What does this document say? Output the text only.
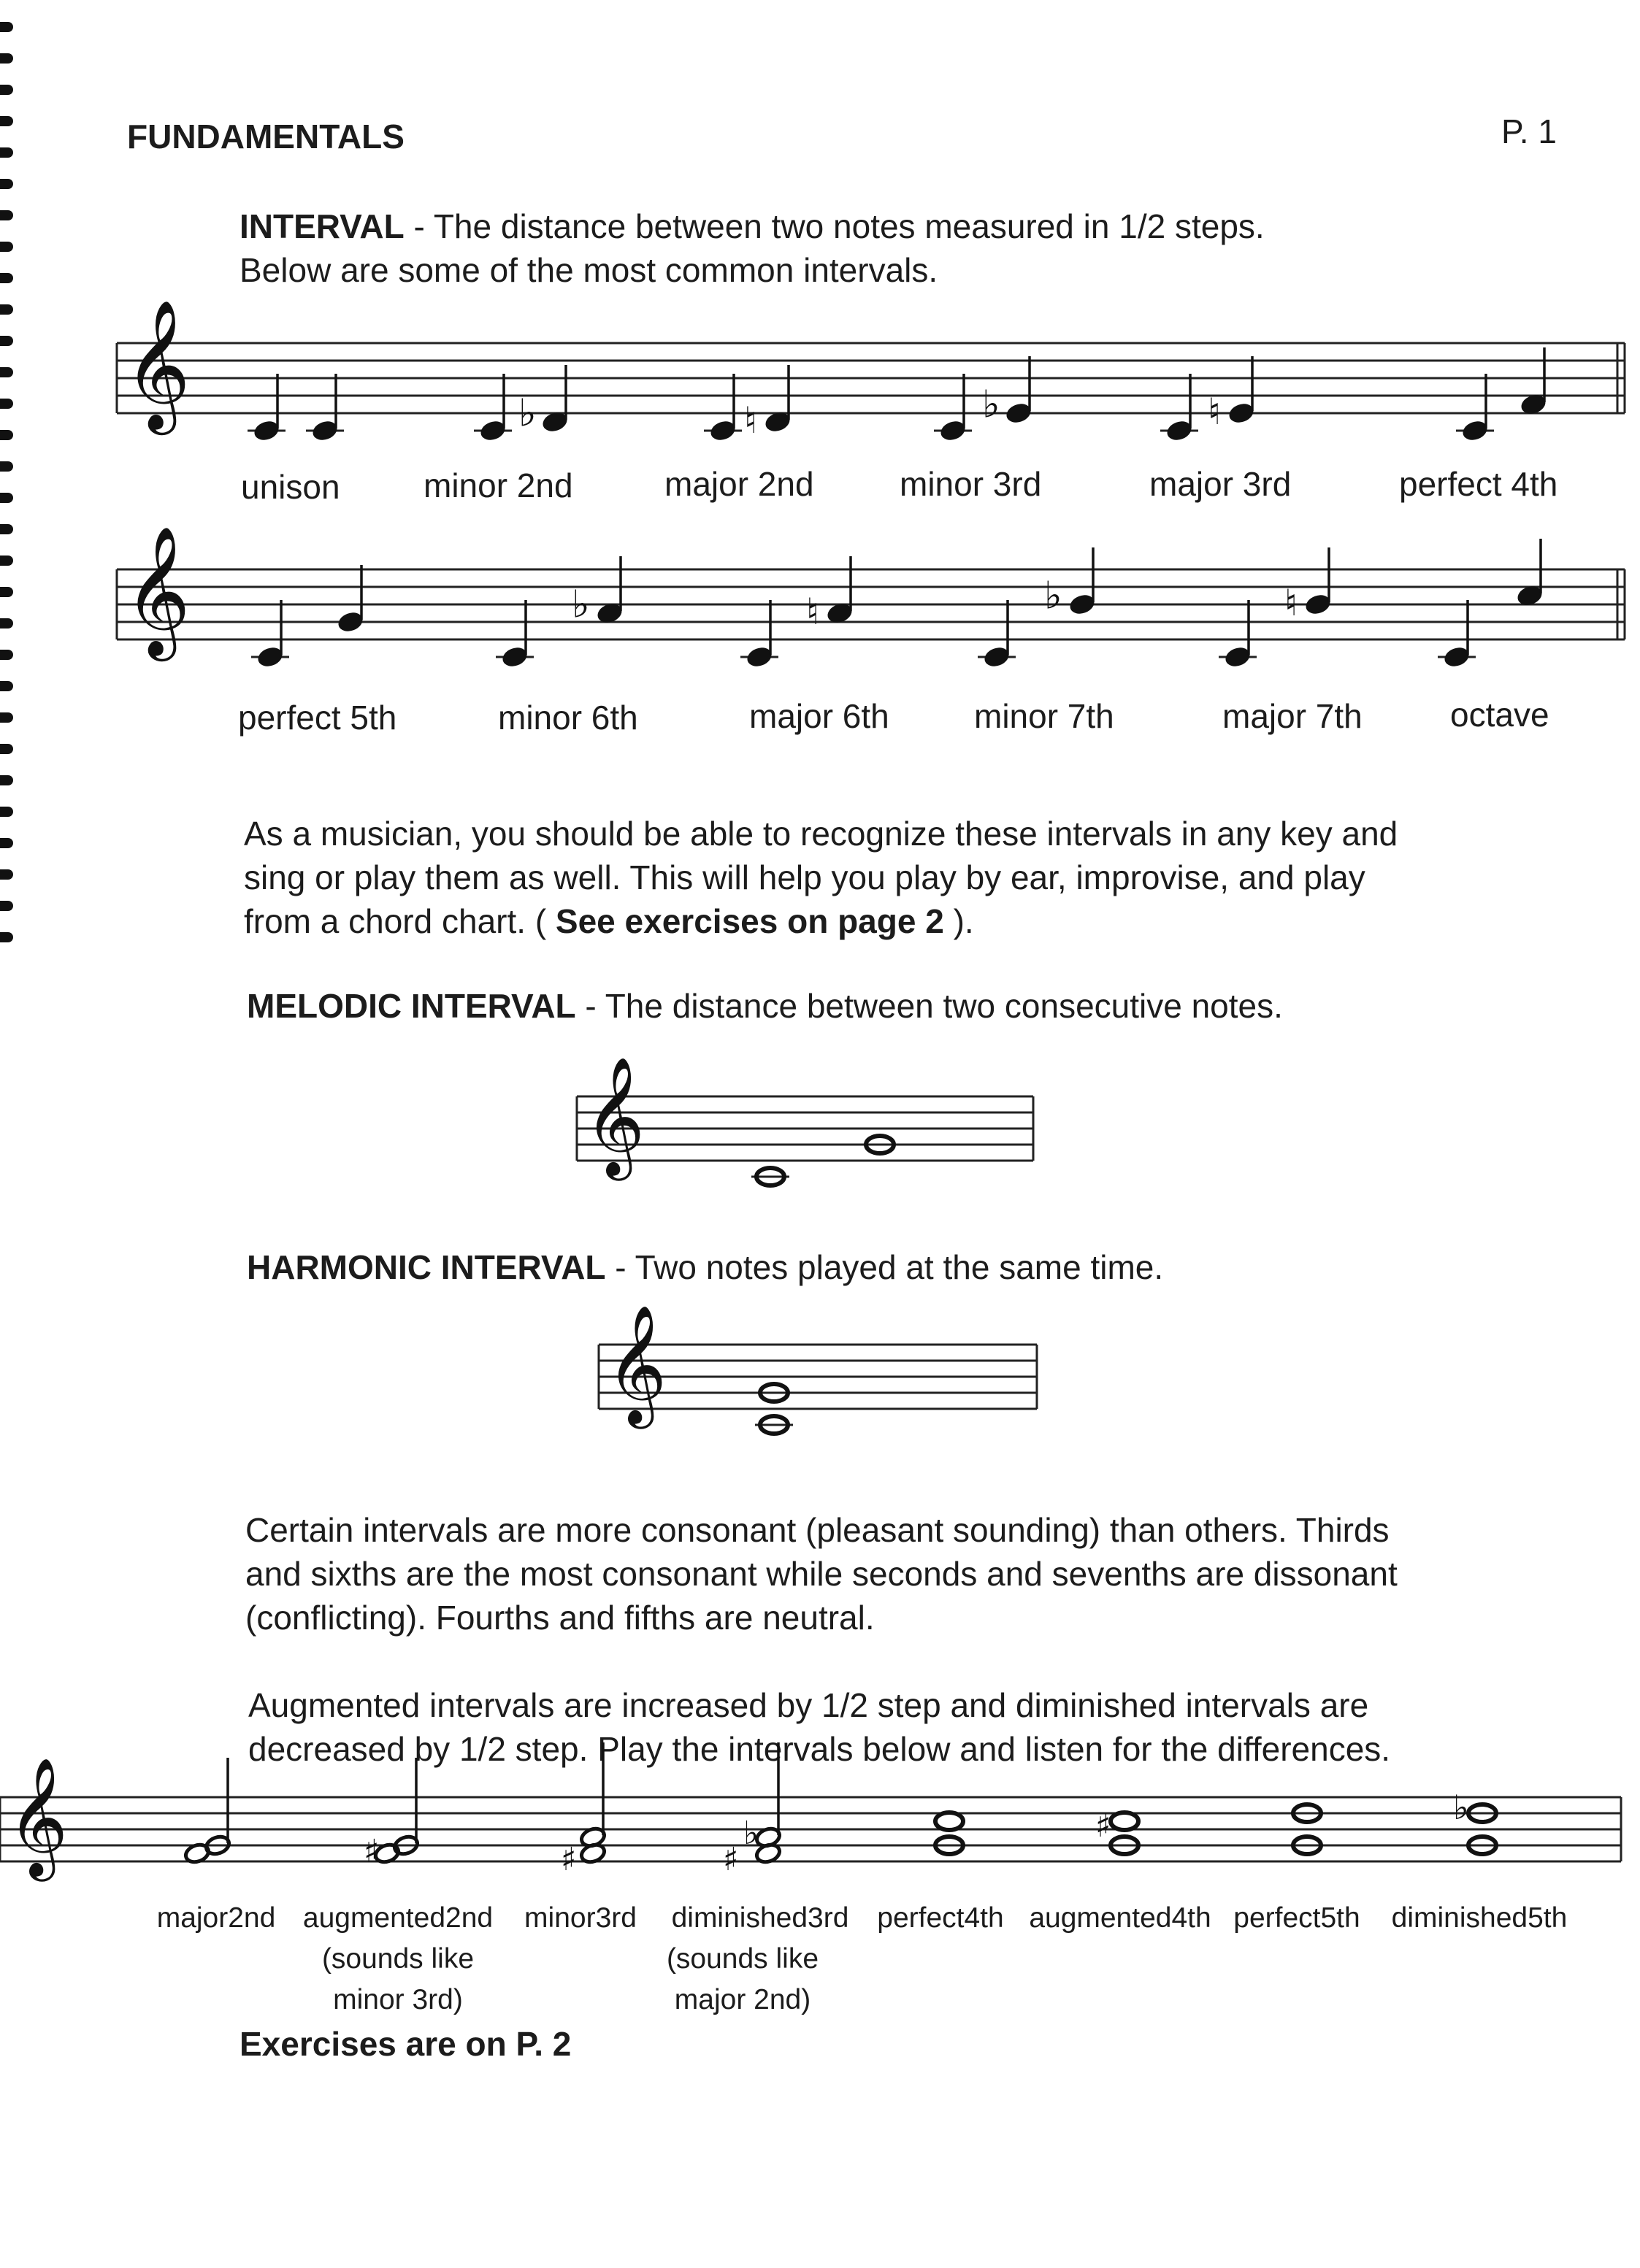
FUNDAMENTALS	P. 1
INTERVAL - The distance between two notes measured in 1/2 steps.
Below are some of the most common intervals.
𝄞	♭	♮	♭	♮
unison minor 2nd	major 2nd	minor 3rd	major 3rd	perfect 4th
𝄞	♭	♮	♭	♮
perfect 5th	minor 6th	major 6th	minor 7th	major 7th	octave
As a musician, you should be able to recognize these intervals in any key and
sing or play them as well. This will help you play by ear, improvise, and play
from a chord chart. ( See exercises on page 2 ).
MELODIC INTERVAL - The distance between two consecutive notes.
𝄞
HARMONIC INTERVAL - Two notes played at the same time.
𝄞
Certain intervals are more consonant (pleasant sounding) than others. Thirds
and sixths are the most consonant while seconds and sevenths are dissonant
(conflicting). Fourths and fifths are neutral.
Augmented intervals are increased by 1/2 step and diminished intervals are
decreased by 1/2 step. Play the intervals below and listen for the differences.
𝄞	♯	♯	♯
♭	♯	♭
major2nd augmented2nd
(sounds like
minor 3rd)
minor3rd	diminished3rd
(sounds like
major 2nd)
perfect4th augmented4th perfect5th	diminished5th
Exercises are on P. 2
